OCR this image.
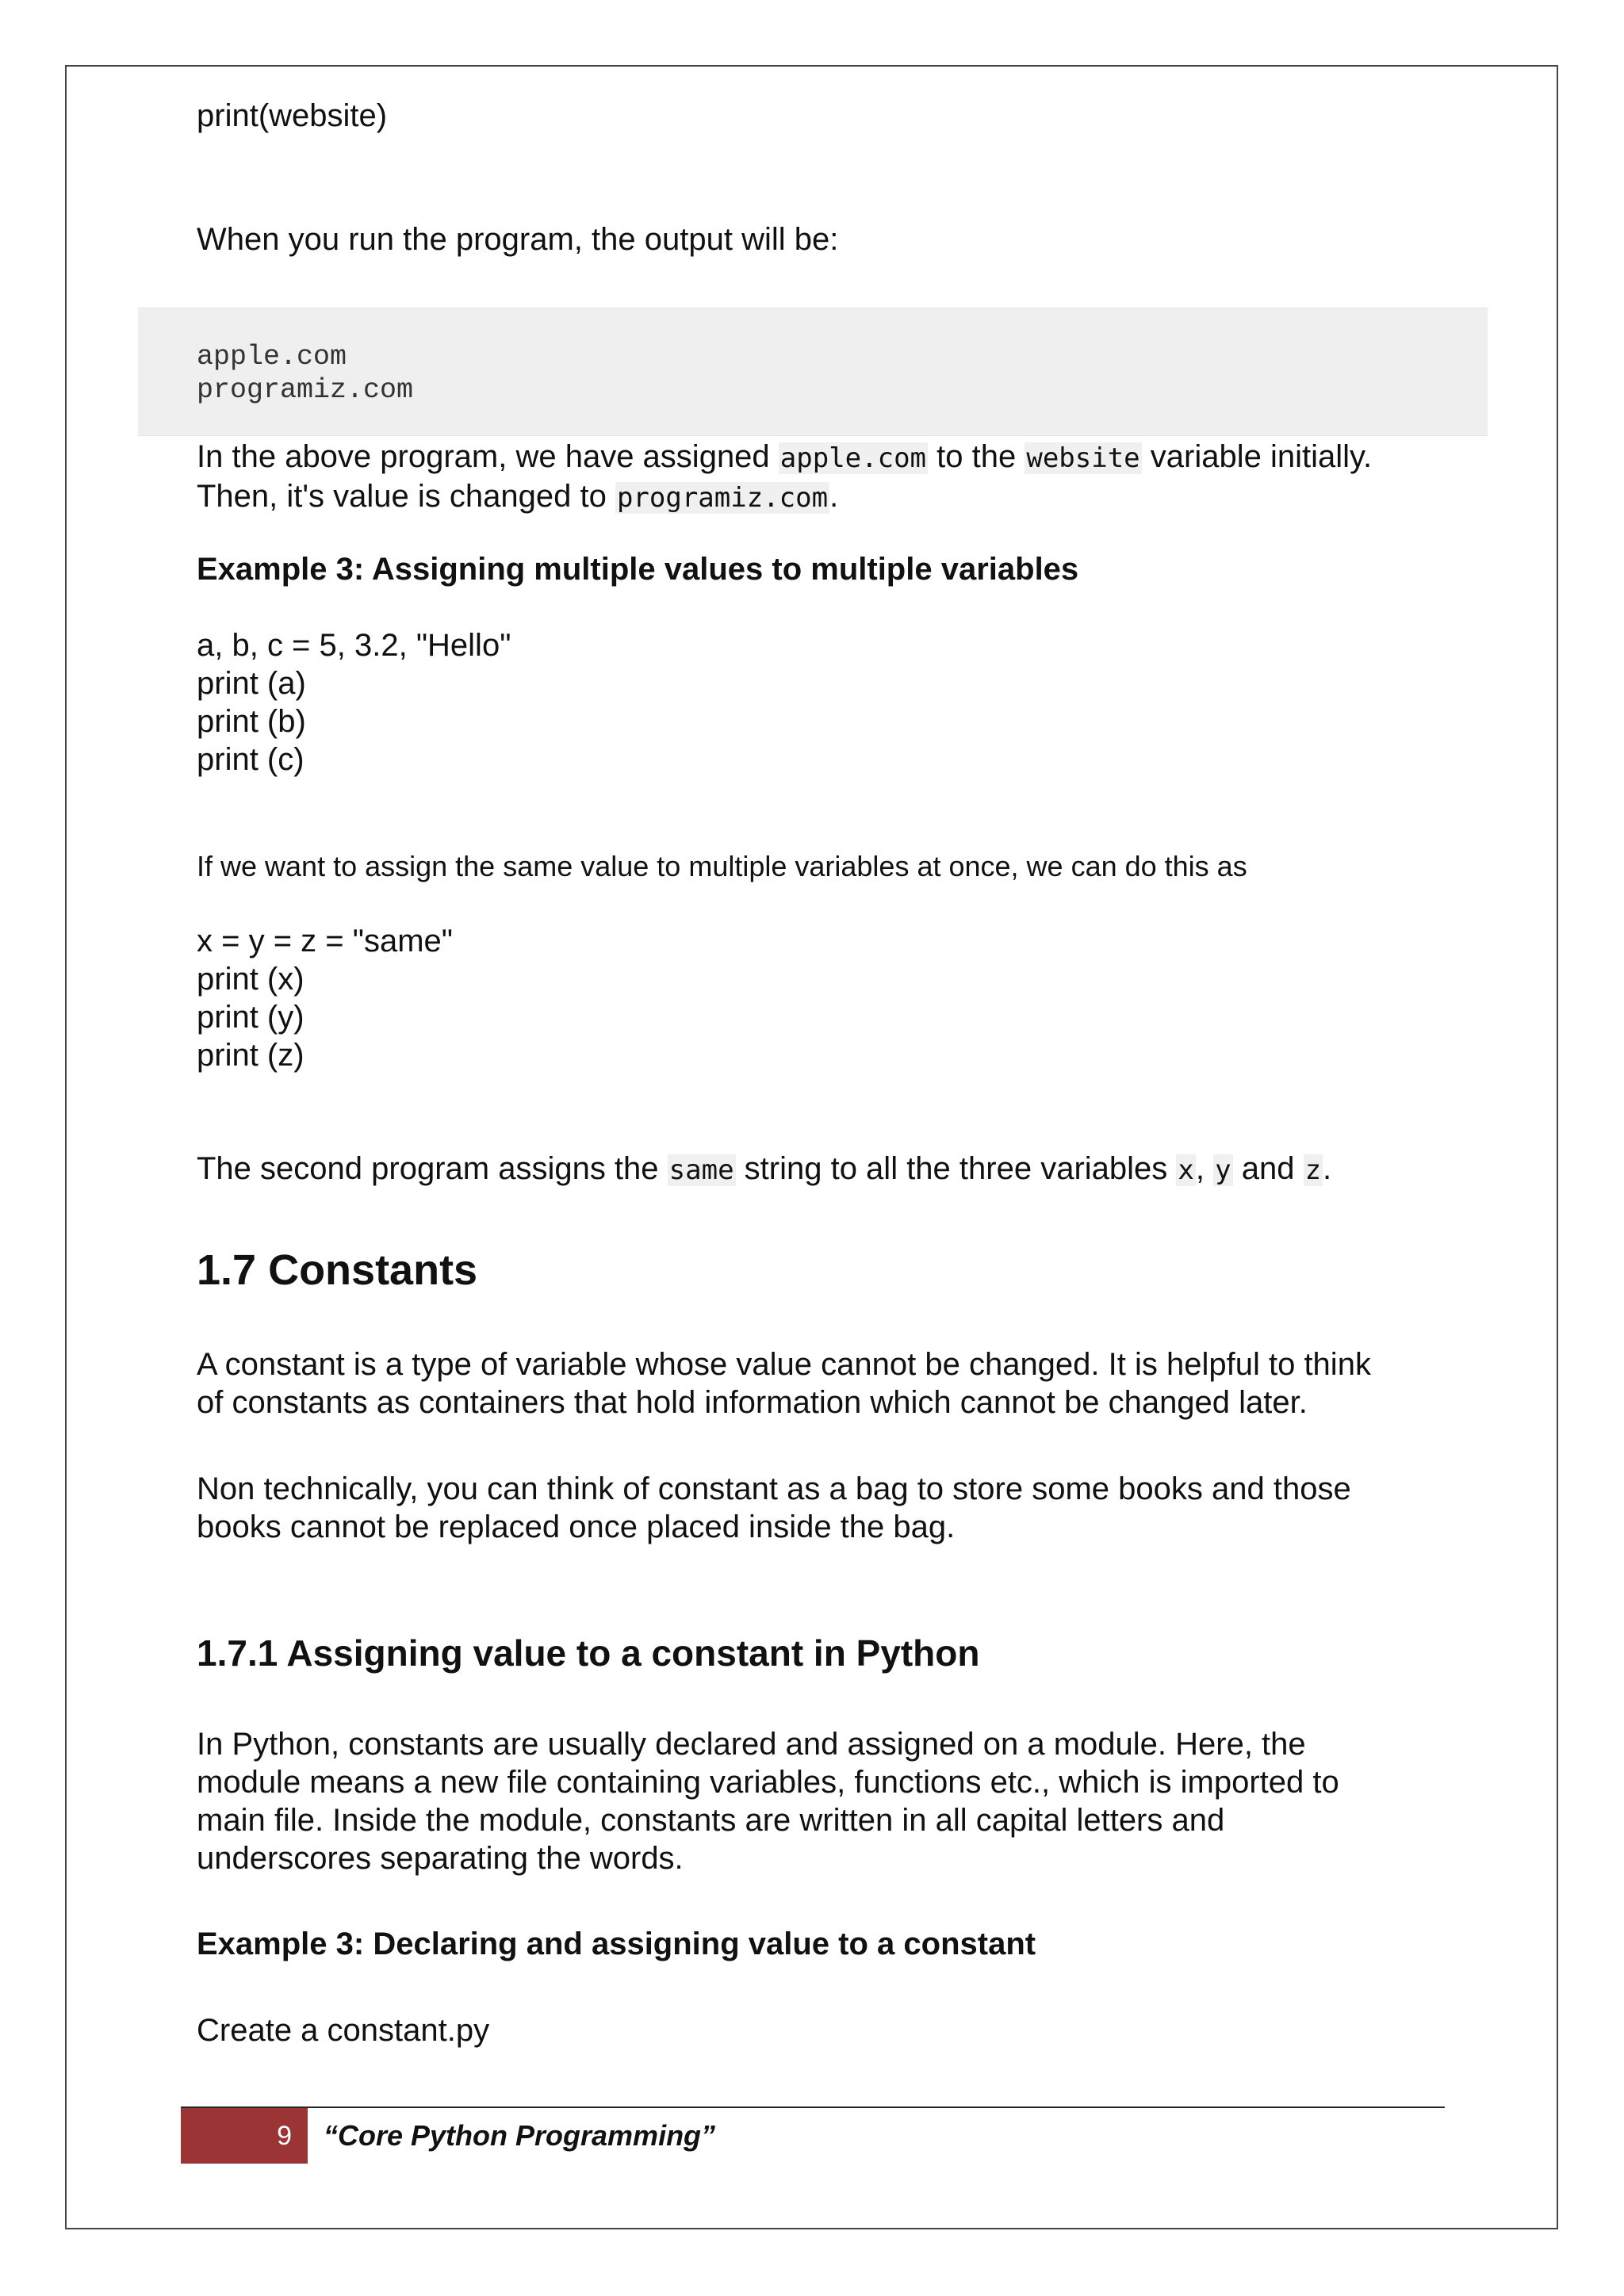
print(website)

When you run the program, the output will be:

apple.com
programiz.com

In the above program, we have assigned apple.com to the website variable initially.
Then, it's value is changed to programiz.com.

Example 3: Assigning multiple values to multiple variables

a, b, c = 5, 3.2, "Hello"
print (a)
print (b)
print (c)

If we want to assign the same value to multiple variables at once, we can do this as

x = y = z = "same"
print (x)
print (y)
print (z)

The second program assigns the same string to all the three variables x, y and z.

1.7 Constants

A constant is a type of variable whose value cannot be changed. It is helpful to think
of constants as containers that hold information which cannot be changed later.

Non technically, you can think of constant as a bag to store some books and those
books cannot be replaced once placed inside the bag.

1.7.1 Assigning value to a constant in Python

In Python, constants are usually declared and assigned on a module. Here, the
module means a new file containing variables, functions etc., which is imported to
main file. Inside the module, constants are written in all capital letters and
underscores separating the words.

Example 3: Declaring and assigning value to a constant

Create a constant.py

9 “Core Python Programming”
